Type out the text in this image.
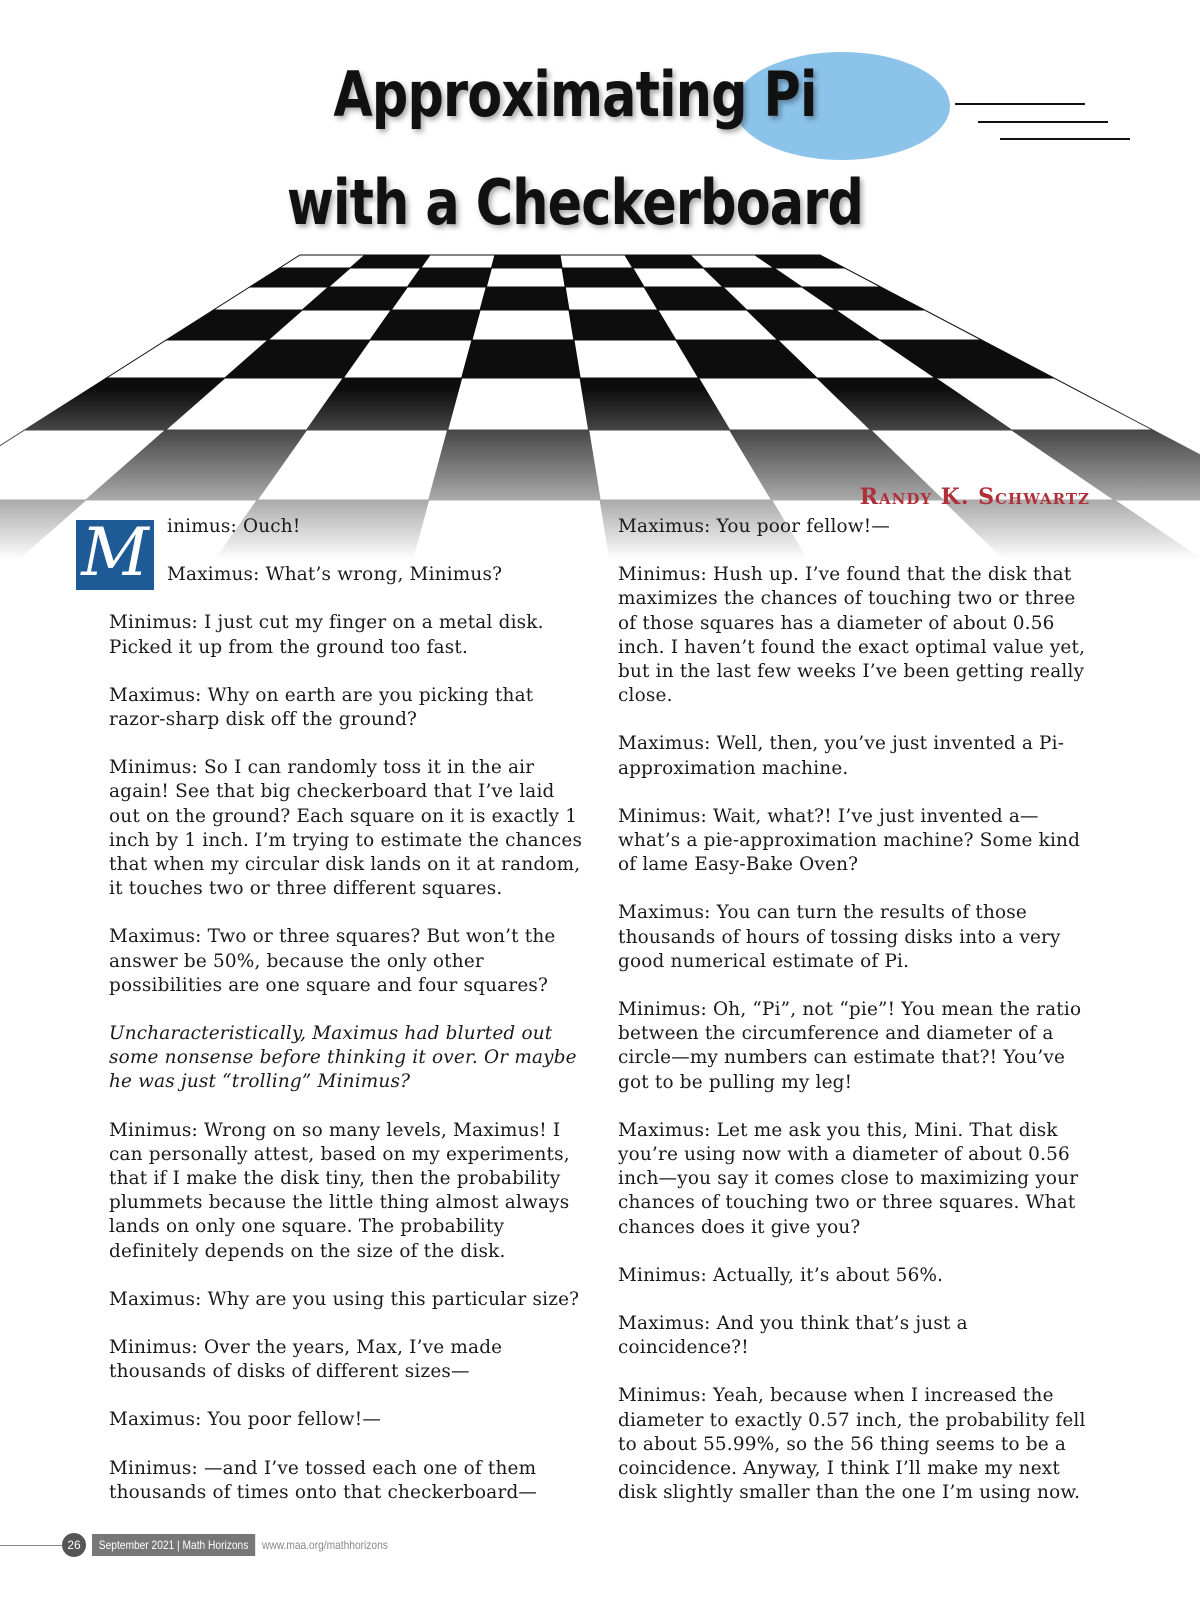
Approximating Pi
with a Checkerboard
Randy K. Schwartz
M inimus: Ouch!

Maximus: What’s wrong, Minimus?

Minimus: I just cut my finger on a metal disk. Picked it up from the ground too fast.

Maximus: Why on earth are you picking that razor-sharp disk off the ground?

Minimus: So I can randomly toss it in the air again! See that big checkerboard that I’ve laid out on the ground? Each square on it is exactly 1 inch by 1 inch. I’m trying to estimate the chances that when my circular disk lands on it at random, it touches two or three different squares.

Maximus: Two or three squares? But won’t the answer be 50%, because the only other possibilities are one square and four squares?

Uncharacteristically, Maximus had blurted out some nonsense before thinking it over. Or maybe he was just “trolling” Minimus?

Minimus: Wrong on so many levels, Maximus! I can personally attest, based on my experiments, that if I make the disk tiny, then the probability plummets because the little thing almost always lands on only one square. The probability definitely depends on the size of the disk.

Maximus: Why are you using this particular size?

Minimus: Over the years, Max, I’ve made thousands of disks of different sizes—

Maximus: You poor fellow!—

Minimus: —and I’ve tossed each one of them thousands of times onto that checkerboard—

Maximus: You poor fellow!—

Minimus: Hush up. I’ve found that the disk that maximizes the chances of touching two or three of those squares has a diameter of about 0.56 inch. I haven’t found the exact optimal value yet, but in the last few weeks I’ve been getting really close.

Maximus: Well, then, you’ve just invented a Pi-approximation machine.

Minimus: Wait, what?! I’ve just invented a—what’s a pie-approximation machine? Some kind of lame Easy-Bake Oven?

Maximus: You can turn the results of those thousands of hours of tossing disks into a very good numerical estimate of Pi.

Minimus: Oh, “Pi”, not “pie”! You mean the ratio between the circumference and diameter of a circle—my numbers can estimate that?! You’ve got to be pulling my leg!

Maximus: Let me ask you this, Mini. That disk you’re using now with a diameter of about 0.56 inch—you say it comes close to maximizing your chances of touching two or three squares. What chances does it give you?

Minimus: Actually, it’s about 56%.

Maximus: And you think that’s just a coincidence?!

Minimus: Yeah, because when I increased the diameter to exactly 0.57 inch, the probability fell to about 55.99%, so the 56 thing seems to be a coincidence. Anyway, I think I’ll make my next disk slightly smaller than the one I’m using now.

26	September 2021 | Math Horizons	www.maa.org/mathhorizons
